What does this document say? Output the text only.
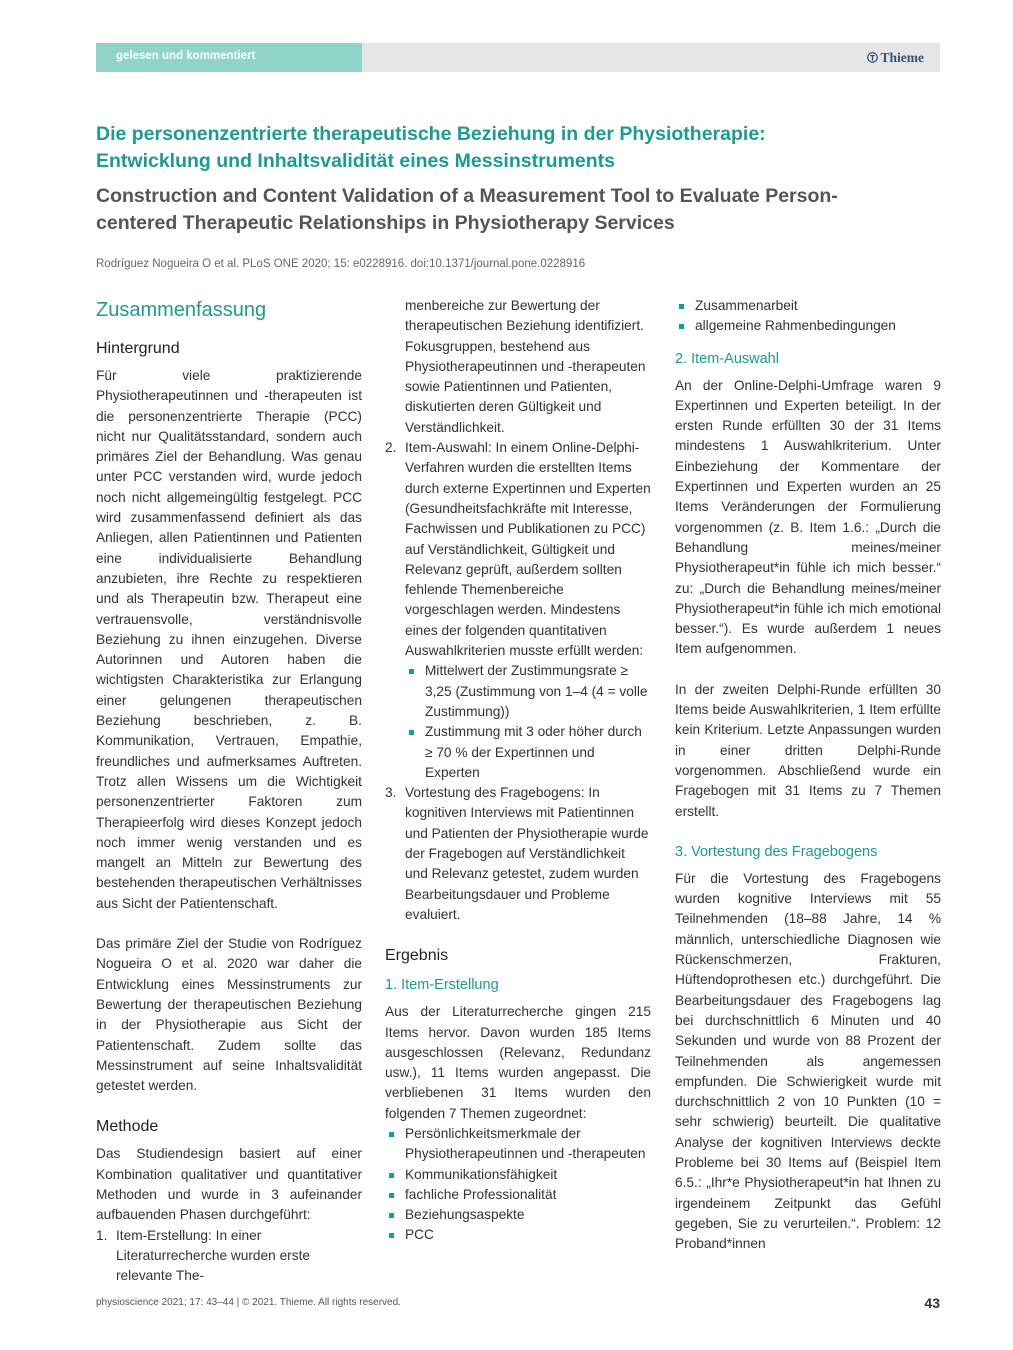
gelesen und kommentiert	Thieme
Die personenzentrierte therapeutische Beziehung in der Physiotherapie: Entwicklung und Inhaltsvalidität eines Messinstruments
Construction and Content Validation of a Measurement Tool to Evaluate Person-centered Therapeutic Relationships in Physiotherapy Services
Rodríguez Nogueira O et al. PLoS ONE 2020; 15: e0228916. doi:10.1371/journal.pone.0228916
Zusammenfassung
Hintergrund

Für viele praktizierende Physiotherapeutinnen und -therapeuten ist die personenzentrierte Therapie (PCC) nicht nur Qualitätsstandard, sondern auch primäres Ziel der Behandlung. Was genau unter PCC verstanden wird, wurde jedoch noch nicht allgemeingültig festgelegt. PCC wird zusammenfassend definiert als das Anliegen, allen Patientinnen und Patienten eine individualisierte Behandlung anzubieten, ihre Rechte zu respektieren und als Therapeutin bzw. Therapeut eine vertrauensvolle, verständnisvolle Beziehung zu ihnen einzugehen. Diverse Autorinnen und Autoren haben die wichtigsten Charakteristika zur Erlangung einer gelungenen therapeutischen Beziehung beschrieben, z. B. Kommunikation, Vertrauen, Empathie, freundliches und aufmerksames Auftreten. Trotz allen Wissens um die Wichtigkeit personenzentrierter Faktoren zum Therapieerfolg wird dieses Konzept jedoch noch immer wenig verstanden und es mangelt an Mitteln zur Bewertung des bestehenden therapeutischen Verhältnisses aus Sicht der Patientenschaft.

Das primäre Ziel der Studie von Rodríguez Nogueira O et al. 2020 war daher die Entwicklung eines Messinstruments zur Bewertung der therapeutischen Beziehung in der Physiotherapie aus Sicht der Patientenschaft. Zudem sollte das Messinstrument auf seine Inhaltsvalidität getestet werden.

Methode

Das Studiendesign basiert auf einer Kombination qualitativer und quantitativer Methoden und wurde in 3 aufeinander aufbauenden Phasen durchgeführt:

1. Item-Erstellung: In einer Literaturrecherche wurden erste relevante The-
menbereiche zur Bewertung der therapeutischen Beziehung identifiziert. Fokusgruppen, bestehend aus Physiotherapeutinnen und -therapeuten sowie Patientinnen und Patienten, diskutierten deren Gültigkeit und Verständlichkeit.
2. Item-Auswahl: In einem Online-Delphi-Verfahren wurden die erstellten Items durch externe Expertinnen und Experten (Gesundheitsfachkräfte mit Interesse, Fachwissen und Publikationen zu PCC) auf Verständlichkeit, Gültigkeit und Relevanz geprüft, außerdem sollten fehlende Themenbereiche vorgeschlagen werden. Mindestens eines der folgenden quantitativen Auswahlkriterien musste erfüllt werden:
Mittelwert der Zustimmungsrate ≥ 3,25 (Zustimmung von 1–4 (4 = volle Zustimmung))
Zustimmung mit 3 oder höher durch ≥ 70 % der Expertinnen und Experten
3. Vortestung des Fragebogens: In kognitiven Interviews mit Patientinnen und Patienten der Physiotherapie wurde der Fragebogen auf Verständlichkeit und Relevanz getestet, zudem wurden Bearbeitungsdauer und Probleme evaluiert.
Ergebnis
1. Item-Erstellung

Aus der Literaturrecherche gingen 215 Items hervor. Davon wurden 185 Items ausgeschlossen (Relevanz, Redundanz usw.), 11 Items wurden angepasst. Die verbliebenen 31 Items wurden den folgenden 7 Themen zugeordnet:

Persönlichkeitsmerkmale der Physiotherapeutinnen und -therapeuten
Kommunikationsfähigkeit
fachliche Professionalität
Beziehungsaspekte
PCC
Zusammenarbeit
allgemeine Rahmenbedingungen
2. Item-Auswahl

An der Online-Delphi-Umfrage waren 9 Expertinnen und Experten beteiligt. In der ersten Runde erfüllten 30 der 31 Items mindestens 1 Auswahlkriterium. Unter Einbeziehung der Kommentare der Expertinnen und Experten wurden an 25 Items Veränderungen der Formulierung vorgenommen (z. B. Item 1.6.: „Durch die Behandlung meines/meiner Physiotherapeut*in fühle ich mich besser.“ zu: „Durch die Behandlung meines/meiner Physiotherapeut*in fühle ich mich emotional besser.“). Es wurde außerdem 1 neues Item aufgenommen.

In der zweiten Delphi-Runde erfüllten 30 Items beide Auswahlkriterien, 1 Item erfüllte kein Kriterium. Letzte Anpassungen wurden in einer dritten Delphi-Runde vorgenommen. Abschließend wurde ein Fragebogen mit 31 Items zu 7 Themen erstellt.

3. Vortestung des Fragebogens

Für die Vortestung des Fragebogens wurden kognitive Interviews mit 55 Teilnehmenden (18–88 Jahre, 14 % männlich, unterschiedliche Diagnosen wie Rückenschmerzen, Frakturen, Hüftendoprothesen etc.) durchgeführt. Die Bearbeitungsdauer des Fragebogens lag bei durchschnittlich 6 Minuten und 40 Sekunden und wurde von 88 Prozent der Teilnehmenden als angemessen empfunden. Die Schwierigkeit wurde mit durchschnittlich 2 von 10 Punkten (10 = sehr schwierig) beurteilt. Die qualitative Analyse der kognitiven Interviews deckte Probleme bei 30 Items auf (Beispiel Item 6.5.: „Ihr*e Physiotherapeut*in hat Ihnen zu irgendeinem Zeitpunkt das Gefühl gegeben, Sie zu verurteilen.“. Problem: 12 Proband*innen

physioscience 2021; 17: 43–44 | © 2021. Thieme. All rights reserved.	43
